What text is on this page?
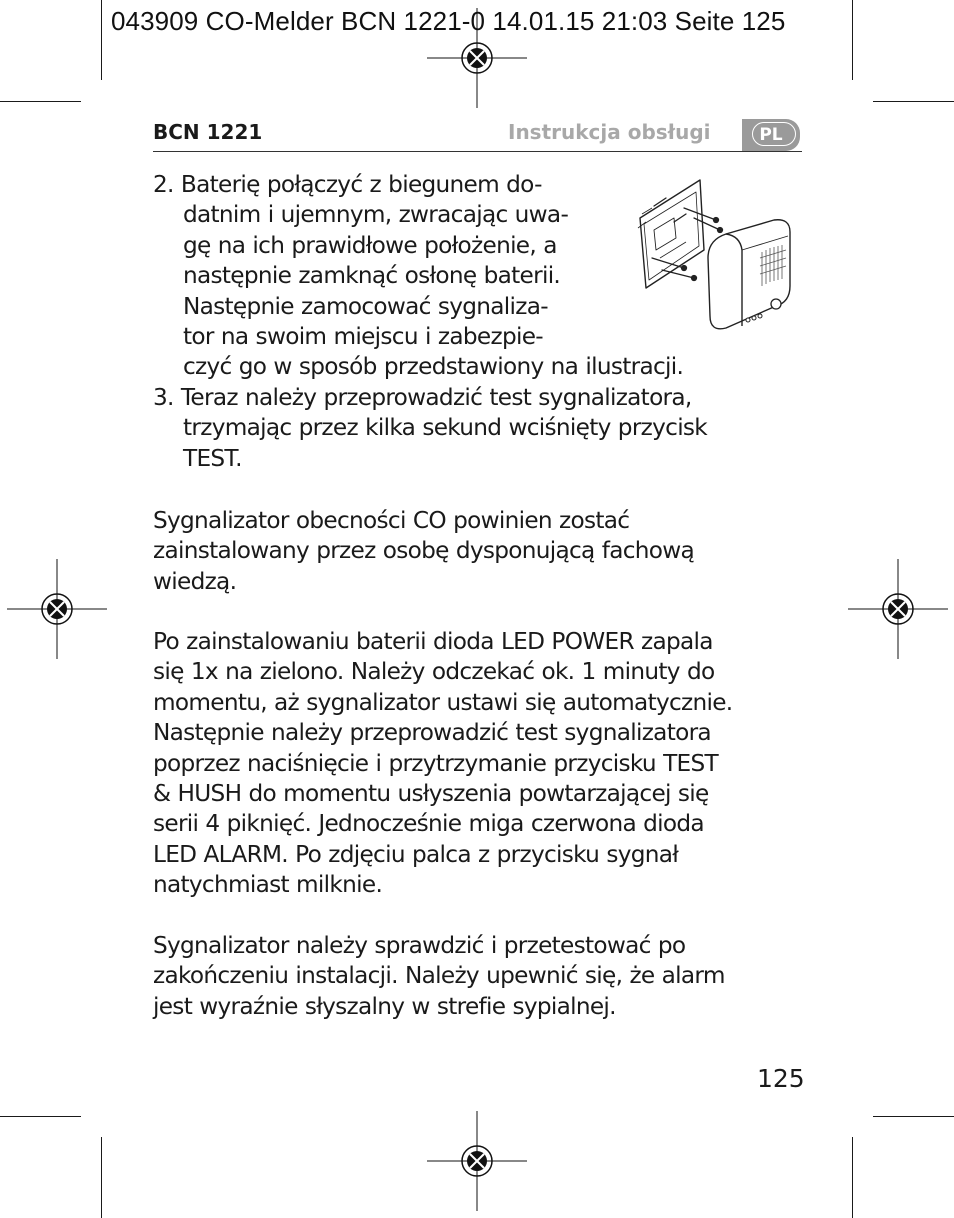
043909 CO-Melder BCN 1221-0 14.01.15 21:03 Seite 125
BCN 1221	Instrukcja obsługi	PL
2. Baterię połączyć z biegunem do-
datnim i ujemnym, zwracając uwa-
gę na ich prawidłowe położenie, a
następnie zamknąć osłonę baterii.
Następnie zamocować sygnaliza-
tor na swoim miejscu i zabezpie-
czyć go w sposób przedstawiony na ilustracji.
3. Teraz należy przeprowadzić test sygnalizatora,
trzymając przez kilka sekund wciśnięty przycisk
TEST.
Sygnalizator obecności CO powinien zostać
zainstalowany przez osobę dysponującą fachową
wiedzą.
Po zainstalowaniu baterii dioda LED POWER zapala
się 1x na zielono. Należy odczekać ok. 1 minuty do
momentu, aż sygnalizator ustawi się automatycznie.
Następnie należy przeprowadzić test sygnalizatora
poprzez naciśnięcie i przytrzymanie przycisku TEST
& HUSH do momentu usłyszenia powtarzającej się
serii 4 piknięć. Jednocześnie miga czerwona dioda
LED ALARM. Po zdjęciu palca z przycisku sygnał
natychmiast milknie.
Sygnalizator należy sprawdzić i przetestować po
zakończeniu instalacji. Należy upewnić się, że alarm
jest wyraźnie słyszalny w strefie sypialnej.
125
